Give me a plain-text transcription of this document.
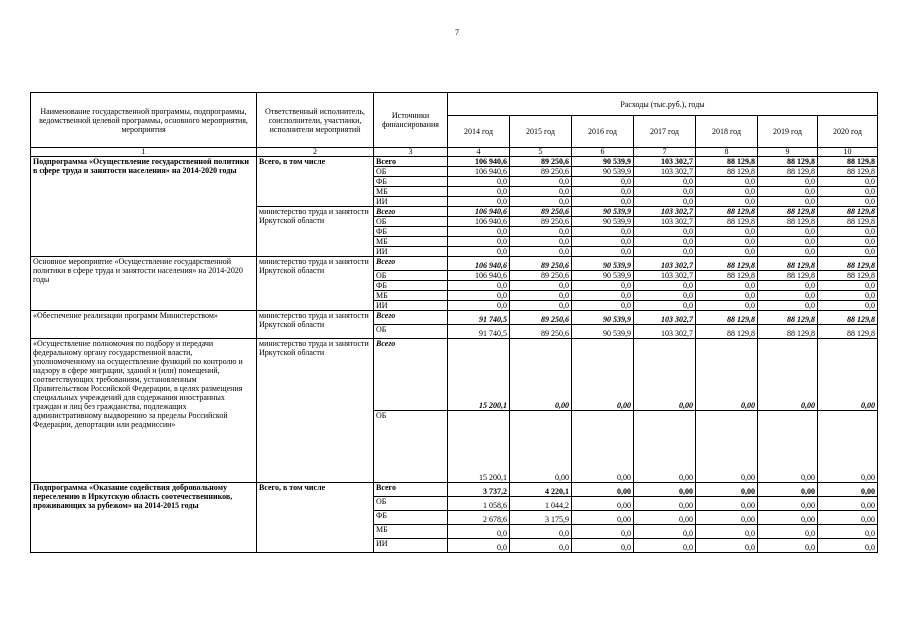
7
Наименование государственной программы, подпрограммы, ведомственной целевой программы, основного мероприятия, мероприятия	Ответственный исполнитель, соисполнители, участники, исполнители мероприятий	Источники финансирования	Расходы (тыс.руб.), годы						
			2014 год	2015 год	2016 год	2017 год	2018 год	2019 год	2020 год
1	2	3	4	5	6	7	8	9	10
Подпрограмма «Осуществление государственной политики в сфере труда и занятости населения» на 2014-2020 годы	Всего, в том числе	Всего	106 940,6	89 250,6	90 539,9	103 302,7	88 129,8	88 129,8	88 129,8
		ОБ	106 940,6	89 250,6	90 539,9	103 302,7	88 129,8	88 129,8	88 129,8
		ФБ	0,0	0,0	0,0	0,0	0,0	0,0	0,0
		МБ	0,0	0,0	0,0	0,0	0,0	0,0	0,0
		ИИ	0,0	0,0	0,0	0,0	0,0	0,0	0,0
	министерство труда и занятости Иркутской области	Всего	106 940,6	89 250,6	90 539,9	103 302,7	88 129,8	88 129,8	88 129,8
		ОБ	106 940,6	89 250,6	90 539,9	103 302,7	88 129,8	88 129,8	88 129,8
		ФБ	0,0	0,0	0,0	0,0	0,0	0,0	0,0
		МБ	0,0	0,0	0,0	0,0	0,0	0,0	0,0
		ИИ	0,0	0,0	0,0	0,0	0,0	0,0	0,0
Основное мероприятие «Осуществление государственной политики в сфере труда и занятости населения» на 2014-2020 годы	министерство труда и занятости Иркутской области	Всего	106 940,6	89 250,6	90 539,9	103 302,7	88 129,8	88 129,8	88 129,8
		ОБ	106 940,6	89 250,6	90 539,9	103 302,7	88 129,8	88 129,8	88 129,8
		ФБ	0,0	0,0	0,0	0,0	0,0	0,0	0,0
		МБ	0,0	0,0	0,0	0,0	0,0	0,0	0,0
		ИИ	0,0	0,0	0,0	0,0	0,0	0,0	0,0
«Обеспечение реализации программ Министерством»	министерство труда и занятости Иркутской области	Всего	91 740,5	89 250,6	90 539,9	103 302,7	88 129,8	88 129,8	88 129,8
		ОБ	91 740,5	89 250,6	90 539,9	103 302,7	88 129,8	88 129,8	88 129,8
«Осуществление полномочия по подбору и передачи федеральному органу государственной власти, уполномоченному на осуществление функций по контролю и надзору в сфере миграции, зданий и (или) помещений, соответствующих требованиям, установленным Правительством Российской Федерации, в целях размещения специальных учреждений для содержания иностранных граждан и лиц без гражданства, подлежащих административному выдворению за пределы Российской Федерации, депортации или реадмиссии»	министерство труда и занятости Иркутской области	Всего	15 200,1	0,00	0,00	0,00	0,00	0,00	0,00
		ОБ	15 200,1	0,00	0,00	0,00	0,00	0,00	0,00
Подпрограмма «Оказание содействия добровольному переселению в Иркутскую область соотечественников, проживающих за рубежом» на 2014-2015 годы	Всего, в том числе	Всего	3 737,2	4 220,1	0,00	0,00	0,00	0,00	0,00
		ОБ	1 058,6	1 044,2	0,00	0,00	0,00	0,00	0,00
		ФБ	2 678,6	3 175,9	0,00	0,00	0,00	0,00	0,00
		МБ	0,0	0,0	0,0	0,0	0,0	0,0	0,0
		ИИ	0,0	0,0	0,0	0,0	0,0	0,0	0,0
